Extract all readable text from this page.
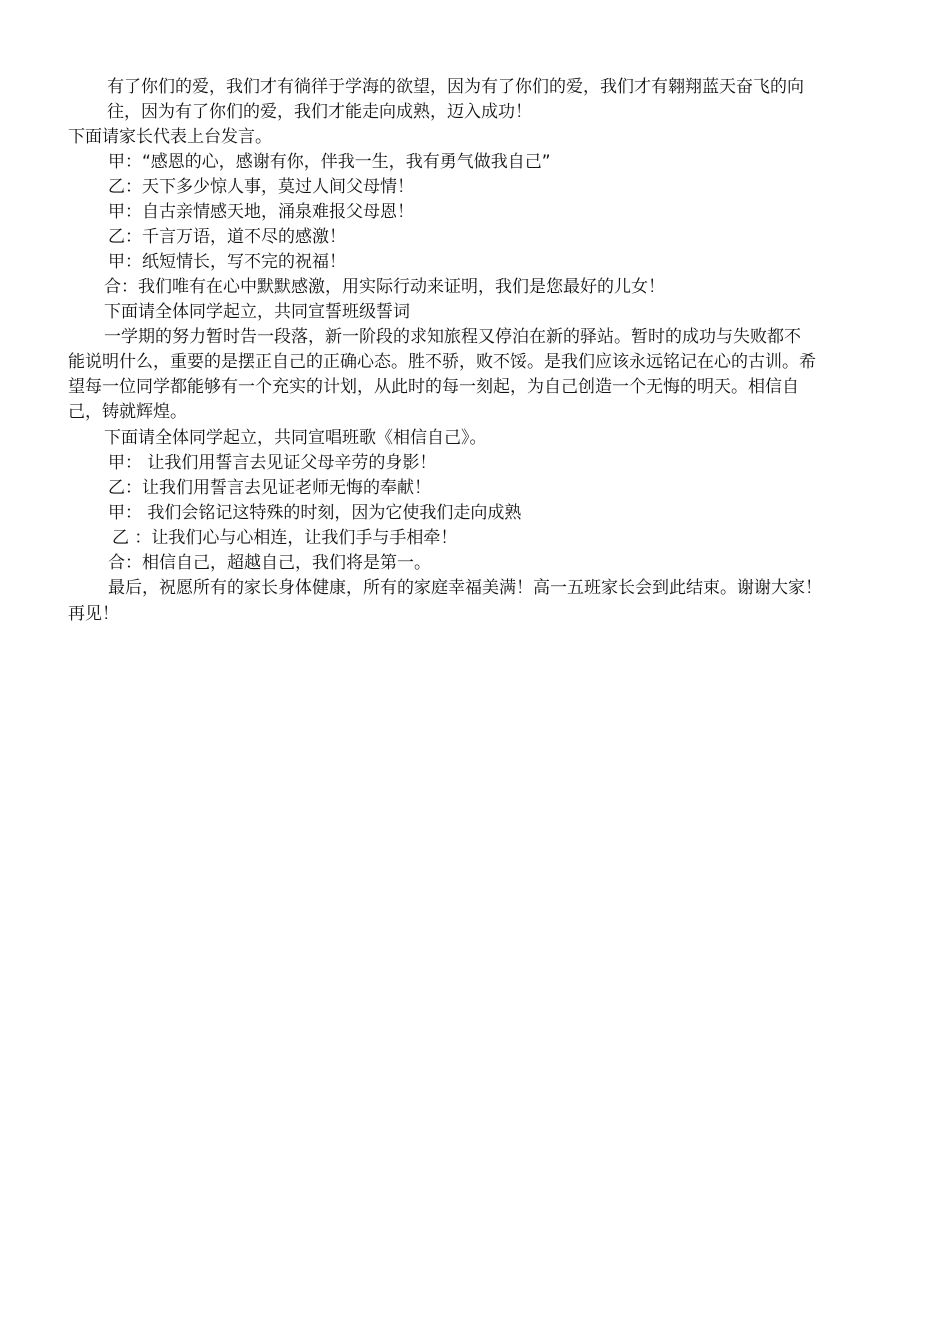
有了你们的爱，我们才有徜徉于学海的欲望，因为有了你们的爱，我们才有翱翔蓝天奋飞的向

往，因为有了你们的爱，我们才能走向成熟，迈入成功！

下面请家长代表上台发言。

甲：“感恩的心，感谢有你，伴我一生，我有勇气做我自己”

乙：天下多少惊人事，莫过人间父母情！

甲：自古亲情感天地，涌泉难报父母恩！

乙：千言万语，道不尽的感激！

甲：纸短情长，写不完的祝福！

合：我们唯有在心中默默感激，用实际行动来证明，我们是您最好的儿女！

下面请全体同学起立，共同宣誓班级誓词

一学期的努力暂时告一段落，新一阶段的求知旅程又停泊在新的驿站。暂时的成功与失败都不

能说明什么，重要的是摆正自己的正确心态。胜不骄，败不馁。是我们应该永远铭记在心的古训。希

望每一位同学都能够有一个充实的计划，从此时的每一刻起，为自己创造一个无悔的明天。相信自

己，铸就辉煌。

下面请全体同学起立，共同宣唱班歌《相信自己》。

甲： 让我们用誓言去见证父母辛劳的身影！

乙：让我们用誓言去见证老师无悔的奉献！

甲： 我们会铭记这特殊的时刻，因为它使我们走向成熟

乙 ：让我们心与心相连，让我们手与手相牵！

合：相信自己，超越自己，我们将是第一。

最后，祝愿所有的家长身体健康，所有的家庭幸福美满！高一五班家长会到此结束。谢谢大家！

再见！
